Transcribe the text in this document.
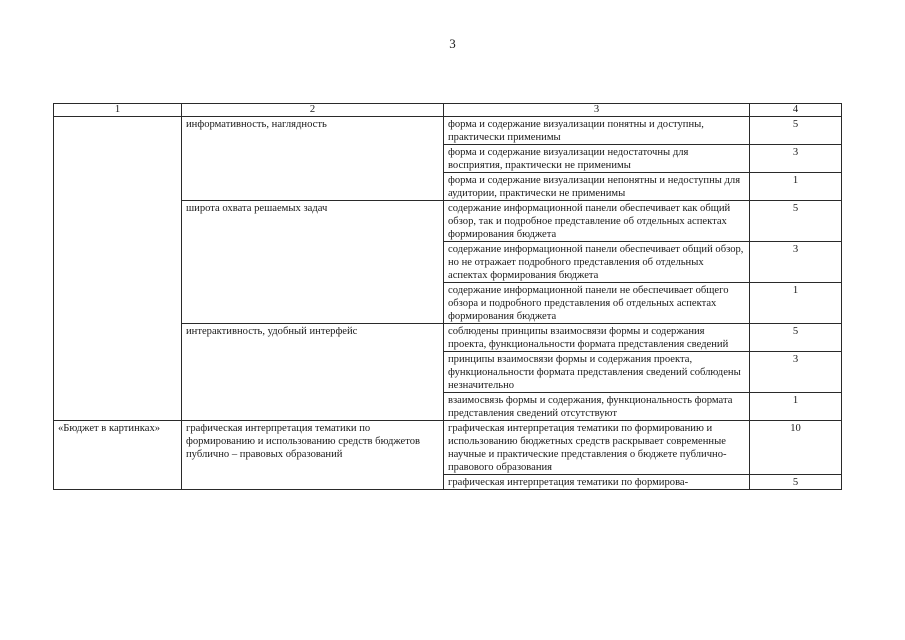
3
1	2	3	4
	информативность, наглядность	форма и содержание визуализации понятны и доступны, практически применимы	5
		форма и содержание визуализации недостаточны для восприятия, практически не применимы	3
		форма и содержание визуализации непонятны и недоступны для аудитории, практически не применимы	1
	широта охвата решаемых задач	содержание информационной панели обеспечивает как общий обзор, так и подробное представление об отдельных аспектах формирования бюджета	5
		содержание информационной панели обеспечивает общий обзор, но не отражает подробного представления об отдельных аспектах формирования бюджета	3
		содержание информационной панели не обеспечивает общего обзора и подробного представления об отдельных аспектах формирования бюджета	1
	интерактивность, удобный интерфейс	соблюдены принципы взаимосвязи формы и содержания проекта, функциональности формата представления сведений	5
		принципы взаимосвязи формы и содержания проекта, функциональности формата представления сведений соблюдены незначительно	3
		взаимосвязь формы и содержания, функциональность формата представления сведений отсутствуют	1
«Бюджет в картинках»	графическая интерпретация тематики по формированию и использованию средств бюджетов публично – правовых образований	графическая интерпретация тематики по формированию и использованию бюджетных средств раскрывает современные научные и практические представления о бюджете публично-правового образования	10
		графическая интерпретация тематики по формирова-	5
